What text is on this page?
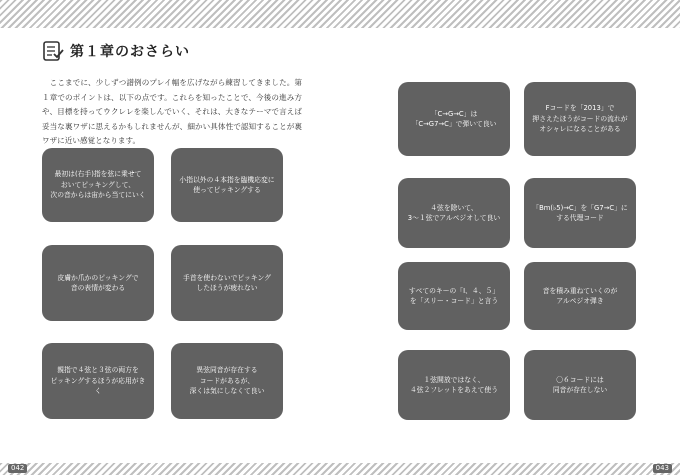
第１章のおさらい
　ここまでに、少しずつ譜例のプレイ幅を広げながら練習してきました。第１章でのポイントは、以下の点です。これらを知ったことで、今後の進み方や、目標を持ってウクレレを楽しんでいく、それは、大きなテーマで言えば妥当な裏ワザに思えるかもしれませんが、細かい具体性で認知することが裏ワザに近い感覚となります。
最初は(右手)指を弦に乗せて
おいてピッキングして、
次の音からは宙から当てにいく
小指以外の４本指を臨機応変に
使ってピッキングする
皮膚か爪かのピッキングで
音の表情が変わる
手首を使わないでピッキング
したほうが疲れない
親指で４弦と３弦の両方を
ピッキングするほうが応用がきく
異弦同音が存在する
コードがあるが、
深くは気にしなくて良い
「C→G→C」は
「C→G7→C」で弾いて良い
Fコードを「2013」で
押さえたほうがコードの流れが
オシャレになることがある
４弦を除いて、
3～１弦でアルペジオして良い
「Bm(♭5)→C」を「G7→C」に
する代理コード
すべてのキーの「Ⅰ、４、５」
を「スリー・コード」と言う
音を積み重ねていくのが
アルペジオ弾き
１弦開放ではなく、
４弦２フレットをあえて使う
〇６コードには
同音が存在しない
042	043
